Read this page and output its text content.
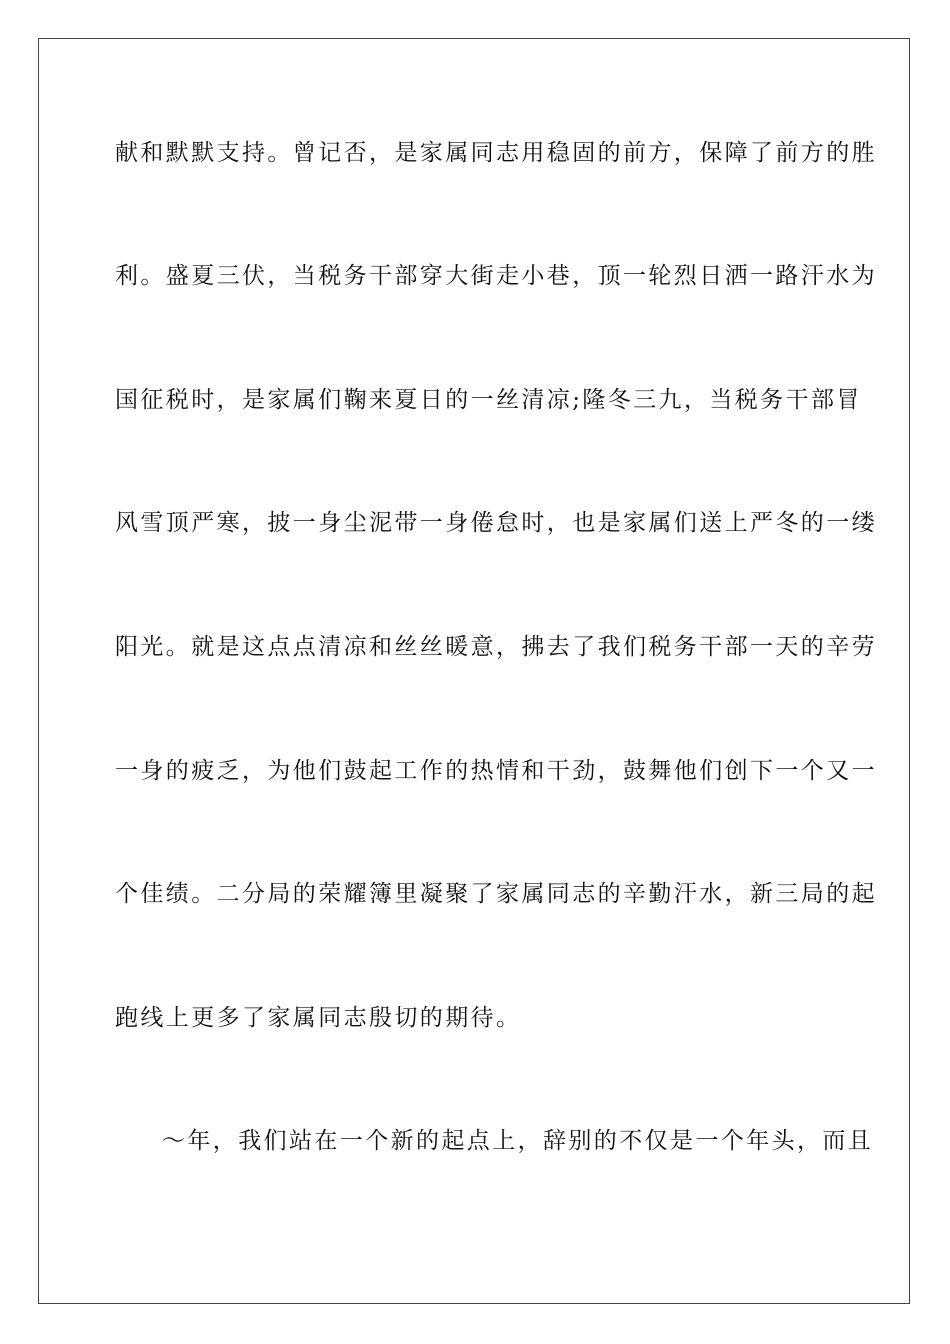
献和默默支持。曾记否，是家属同志用稳固的前方，保障了前方的胜
利。盛夏三伏，当税务干部穿大街走小巷，顶一轮烈日洒一路汗水为
国征税时，是家属们鞠来夏日的一丝清凉;隆冬三九，当税务干部冒
风雪顶严寒，披一身尘泥带一身倦怠时，也是家属们送上严冬的一缕
阳光。就是这点点清凉和丝丝暖意，拂去了我们税务干部一天的辛劳
一身的疲乏，为他们鼓起工作的热情和干劲，鼓舞他们创下一个又一
个佳绩。二分局的荣耀簿里凝聚了家属同志的辛勤汗水，新三局的起
跑线上更多了家属同志殷切的期待。
～年，我们站在一个新的起点上，辞别的不仅是一个年头，而且
